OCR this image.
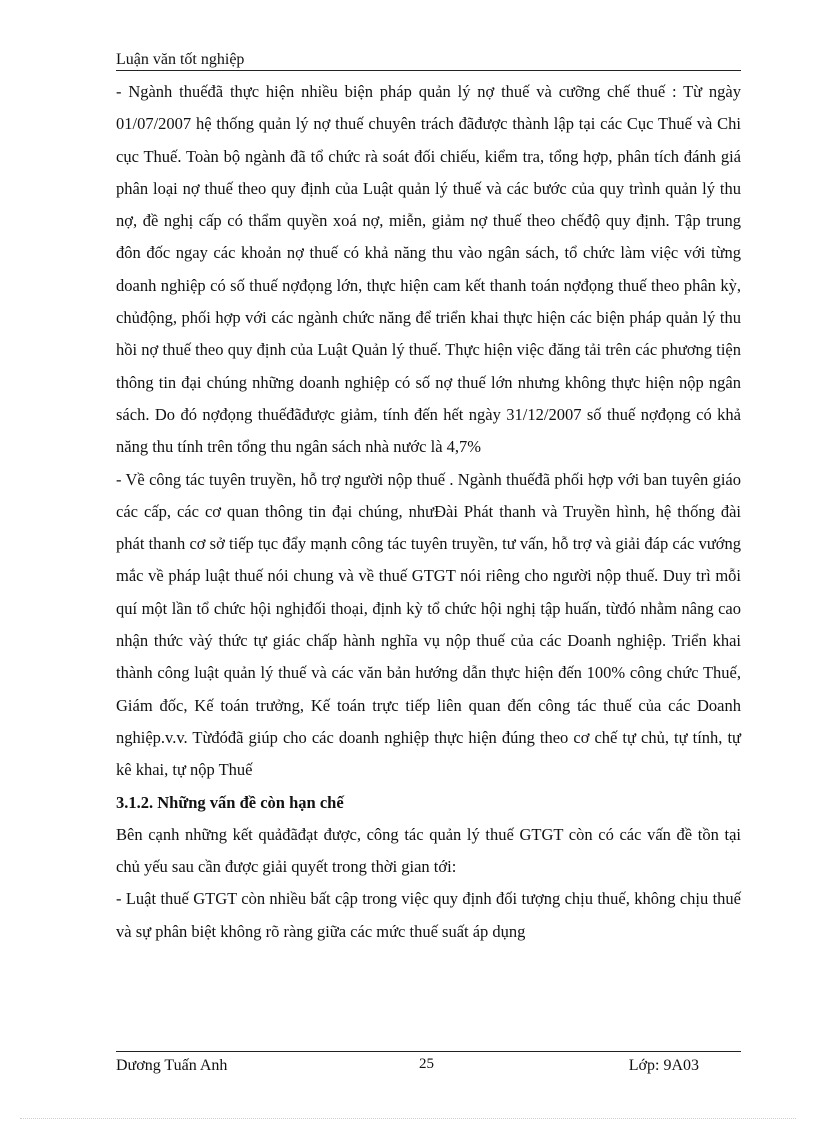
Luận văn tốt nghiệp

- Ngành thuếđã thực hiện nhiều biện pháp quản lý nợ thuế và cưỡng chế thuế : Từ ngày 01/07/2007 hệ thống quản lý nợ thuế chuyên trách đãđược thành lập tại các Cục Thuế và Chi cục Thuế. Toàn bộ ngành đã tổ chức rà soát đối chiếu, kiểm tra, tổng hợp, phân tích đánh giá phân loại nợ thuế theo quy định của Luật quản lý thuế và các bước của quy trình quản lý thu nợ, đề nghị cấp có thẩm quyền xoá nợ, miễn, giảm nợ thuế theo chếđộ quy định. Tập trung đôn đốc ngay các khoản nợ thuế có khả năng thu vào ngân sách, tổ chức làm việc với từng doanh nghiệp có số thuế nợđọng lớn, thực hiện cam kết thanh toán nợđọng thuế theo phân kỳ, chủđộng, phối hợp với các ngành chức năng để triển khai thực hiện các biện pháp quản lý thu hồi nợ thuế theo quy định của Luật Quản lý thuế. Thực hiện việc đăng tải trên các phương tiện thông tin đại chúng những doanh nghiệp có số nợ thuế lớn nhưng không thực hiện nộp ngân sách. Do đó nợđọng thuếđãđược giảm, tính đến hết ngày 31/12/2007 số thuế nợđọng có khả năng thu tính trên tổng thu ngân sách nhà nước là 4,7%

- Về công tác tuyên truyền, hỗ trợ người nộp thuế . Ngành thuếđã phối hợp với ban tuyên giáo các cấp, các cơ quan thông tin đại chúng, nhưĐài Phát thanh và Truyền hình, hệ thống đài phát thanh cơ sở tiếp tục đẩy mạnh công tác tuyên truyền, tư vấn, hỗ trợ và giải đáp các vướng mắc về pháp luật thuế nói chung và về thuế GTGT nói riêng cho người nộp thuế. Duy trì mỗi quí một lần tổ chức hội nghịđối thoại, định kỳ tổ chức hội nghị tập huấn, từđó nhằm nâng cao nhận thức vàý thức tự giác chấp hành nghĩa vụ nộp thuế của các Doanh nghiệp. Triển khai thành công luật quản lý thuế và các văn bản hướng dẫn thực hiện đến 100% công chức Thuế, Giám đốc, Kế toán trưởng, Kế toán trực tiếp liên quan đến công tác thuế của các Doanh nghiệp.v.v. Từđóđã giúp cho các doanh nghiệp thực hiện đúng theo cơ chế tự chủ, tự tính, tự kê khai, tự nộp Thuế

3.1.2. Những vấn đề còn hạn chế

Bên cạnh những kết quảđãđạt được, công tác quản lý thuế GTGT còn có các vấn đề tồn tại chủ yếu sau cần được giải quyết trong thời gian tới:

- Luật thuế GTGT còn nhiều bất cập trong việc quy định đối tượng chịu thuế, không chịu thuế và sự phân biệt không rõ ràng giữa các mức thuế suất áp dụng

Dương Tuấn Anh	25	Lớp: 9A03
